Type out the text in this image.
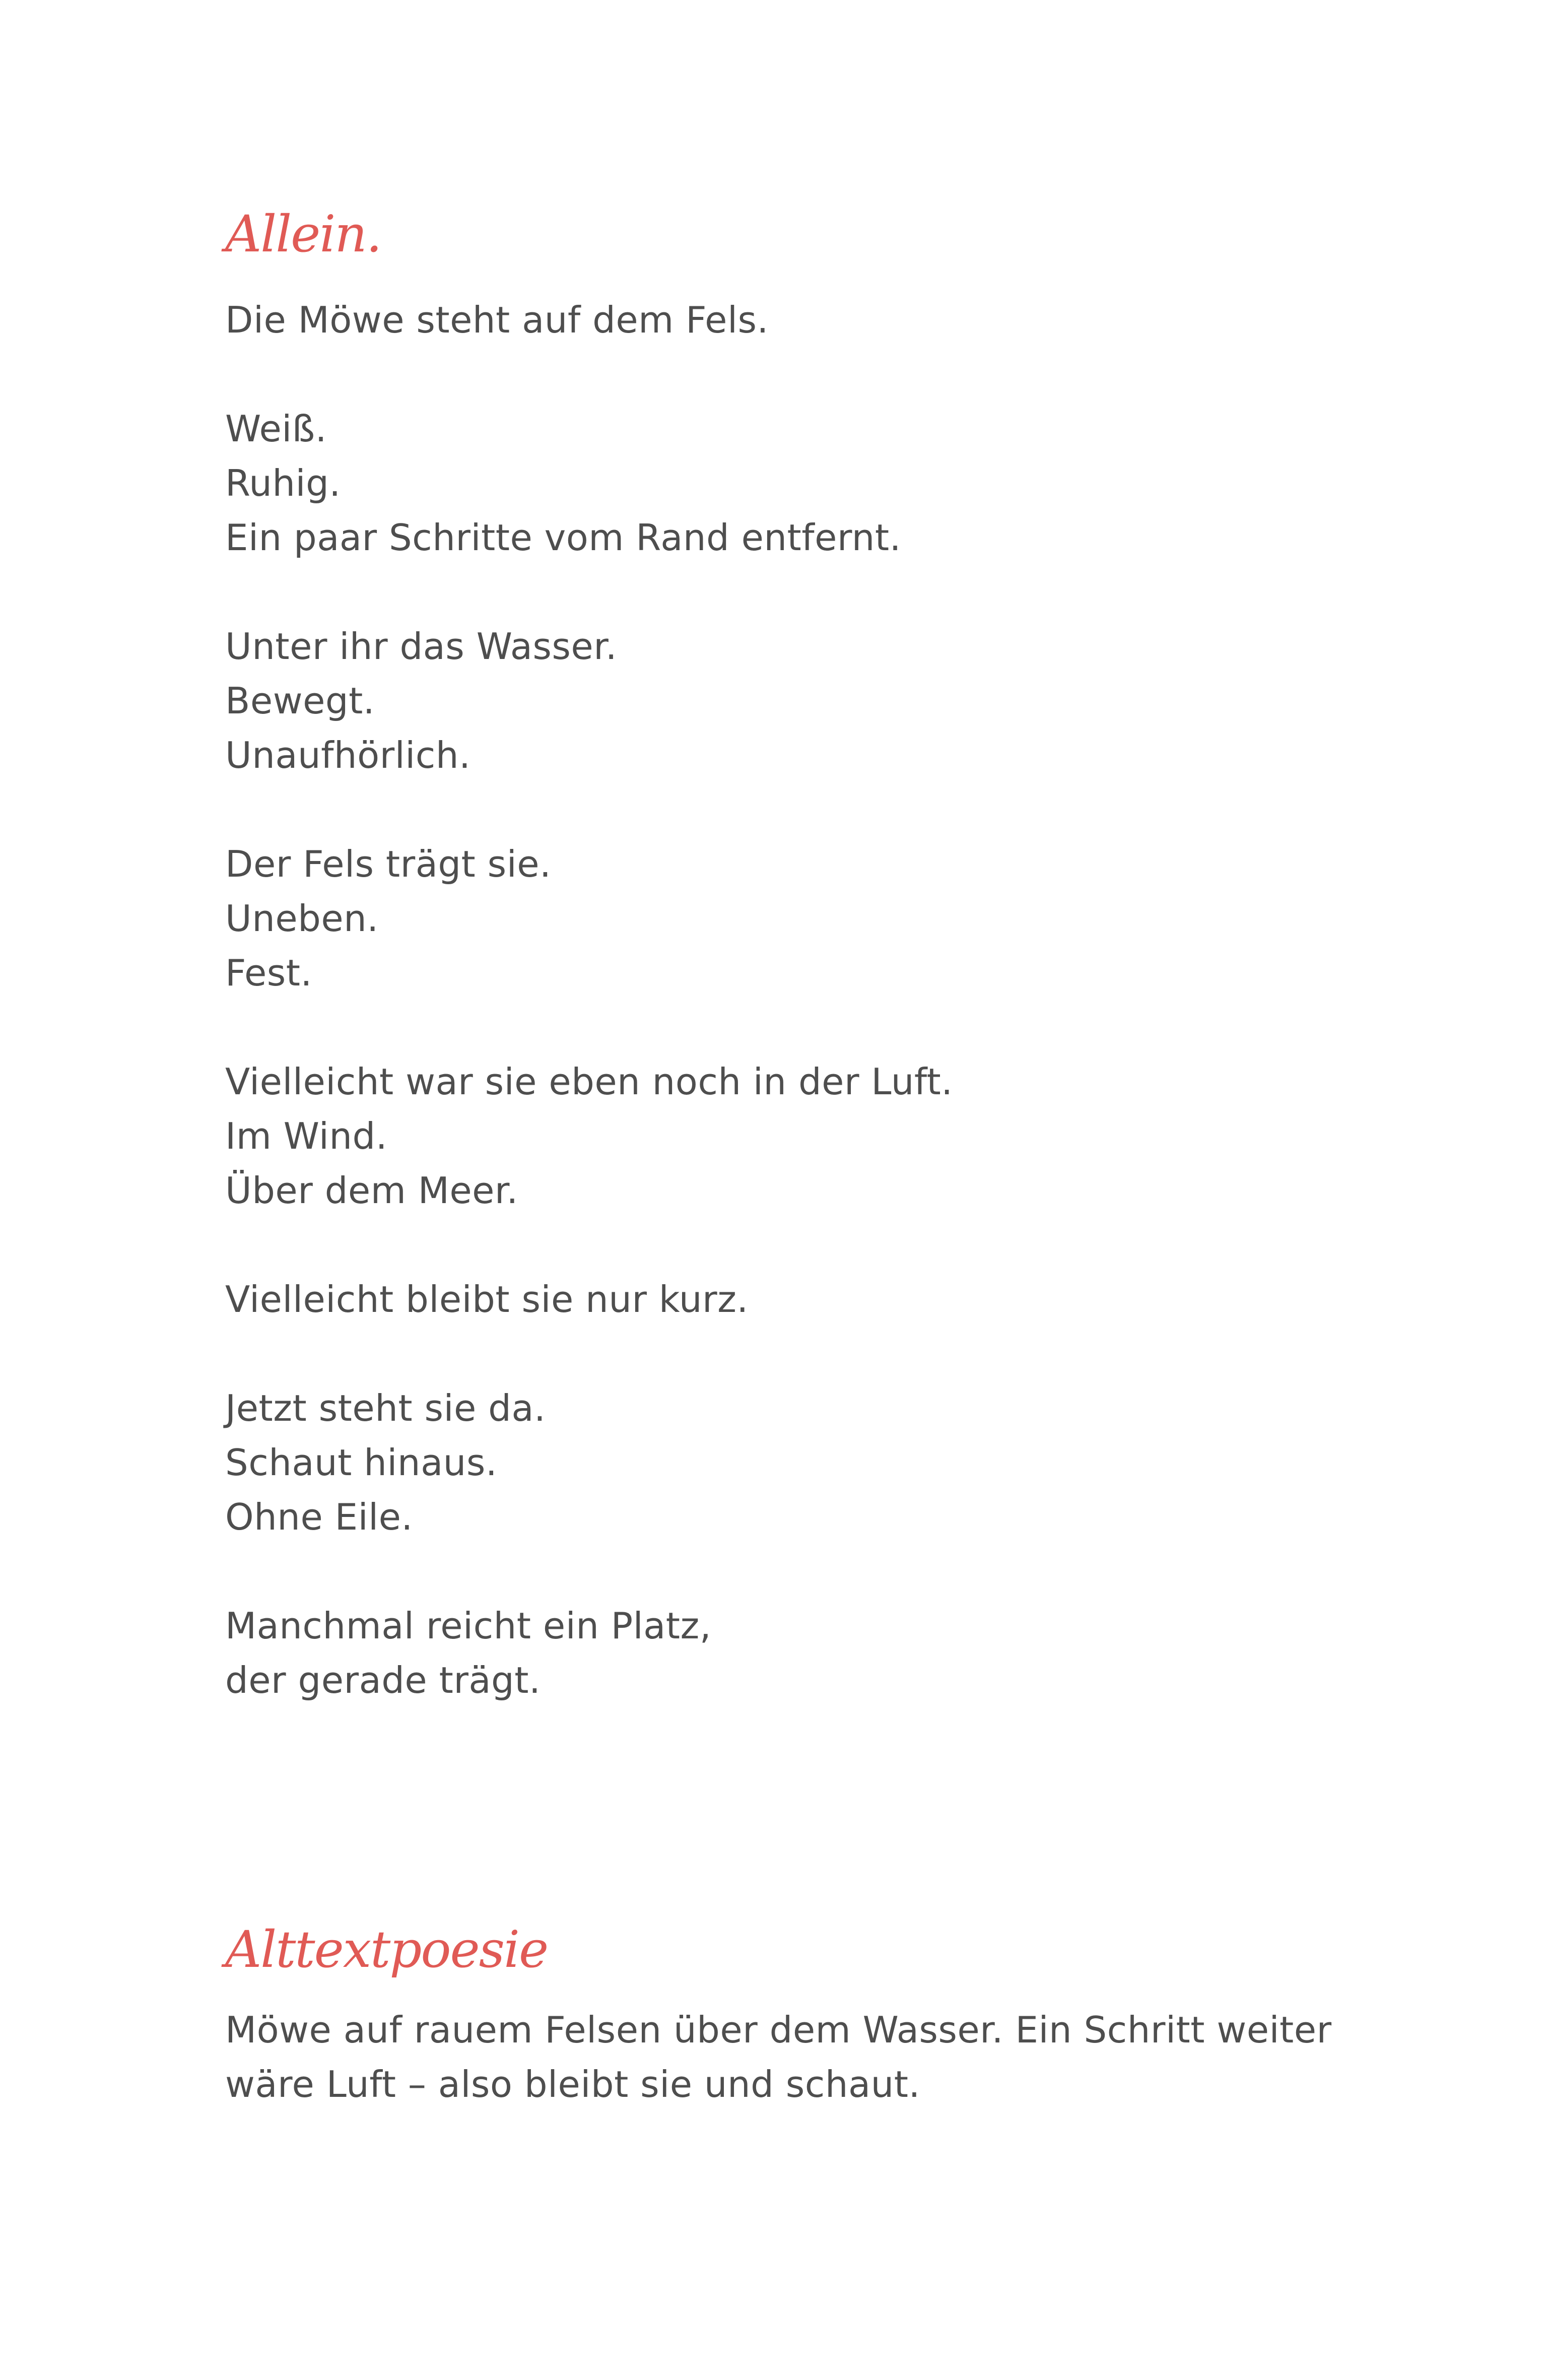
Allein.
Die Möwe steht auf dem Fels.
Weiß.
Ruhig.
Ein paar Schritte vom Rand entfernt.
Unter ihr das Wasser.
Bewegt.
Unaufhörlich.
Der Fels trägt sie.
Uneben.
Fest.
Vielleicht war sie eben noch in der Luft.
Im Wind.
Über dem Meer.
Vielleicht bleibt sie nur kurz.
Jetzt steht sie da.
Schaut hinaus.
Ohne Eile.
Manchmal reicht ein Platz,
der gerade trägt.
Alttextpoesie
Möwe auf rauem Felsen über dem Wasser. Ein Schritt weiter
wäre Luft – also bleibt sie und schaut.
